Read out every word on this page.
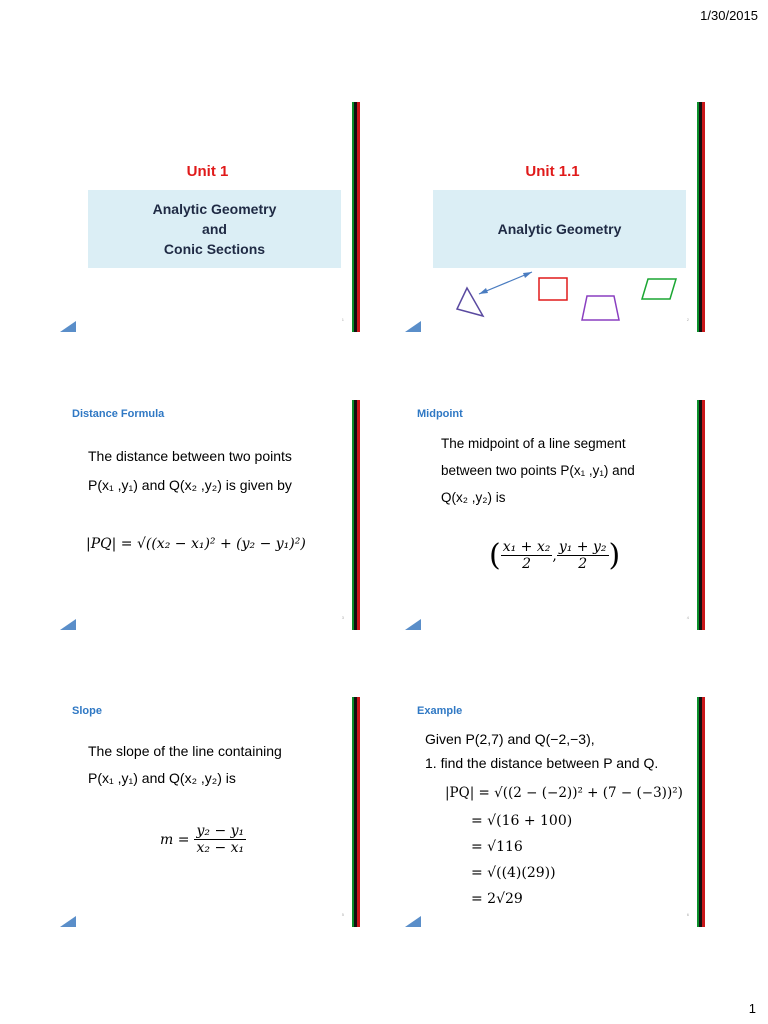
1/30/2015
Unit 1
Analytic Geometry
and
Conic Sections
1
Unit 1.1
Analytic Geometry
2
Distance Formula
The distance between two points
P(x₁ ,y₁) and Q(x₂ ,y₂) is given by
|PQ| = √((x₂ − x₁)² + (y₂ − y₁)²)
3
Midpoint
The midpoint of a line segment
between two points P(x₁ ,y₁) and
Q(x₂ ,y₂) is
( $\frac{\text{x₁ + x₂}}{2}$ , $\frac{\text{y₁ + y₂}}{2}$ )
4
Slope
The slope of the line containing
P(x₁ ,y₁) and Q(x₂ ,y₂) is
$m = \frac{\text{y₂ − y₁}}{\text{x₂ − x₁}}$
5
Example
Given P(2,7) and Q(−2,−3),
1. find the distance between P and Q.
|PQ| = √((2 − (−2))² + (7 − (−3))²)
= √(16 + 100)
= √116
= √((4)(29))
= 2√29
6
1
